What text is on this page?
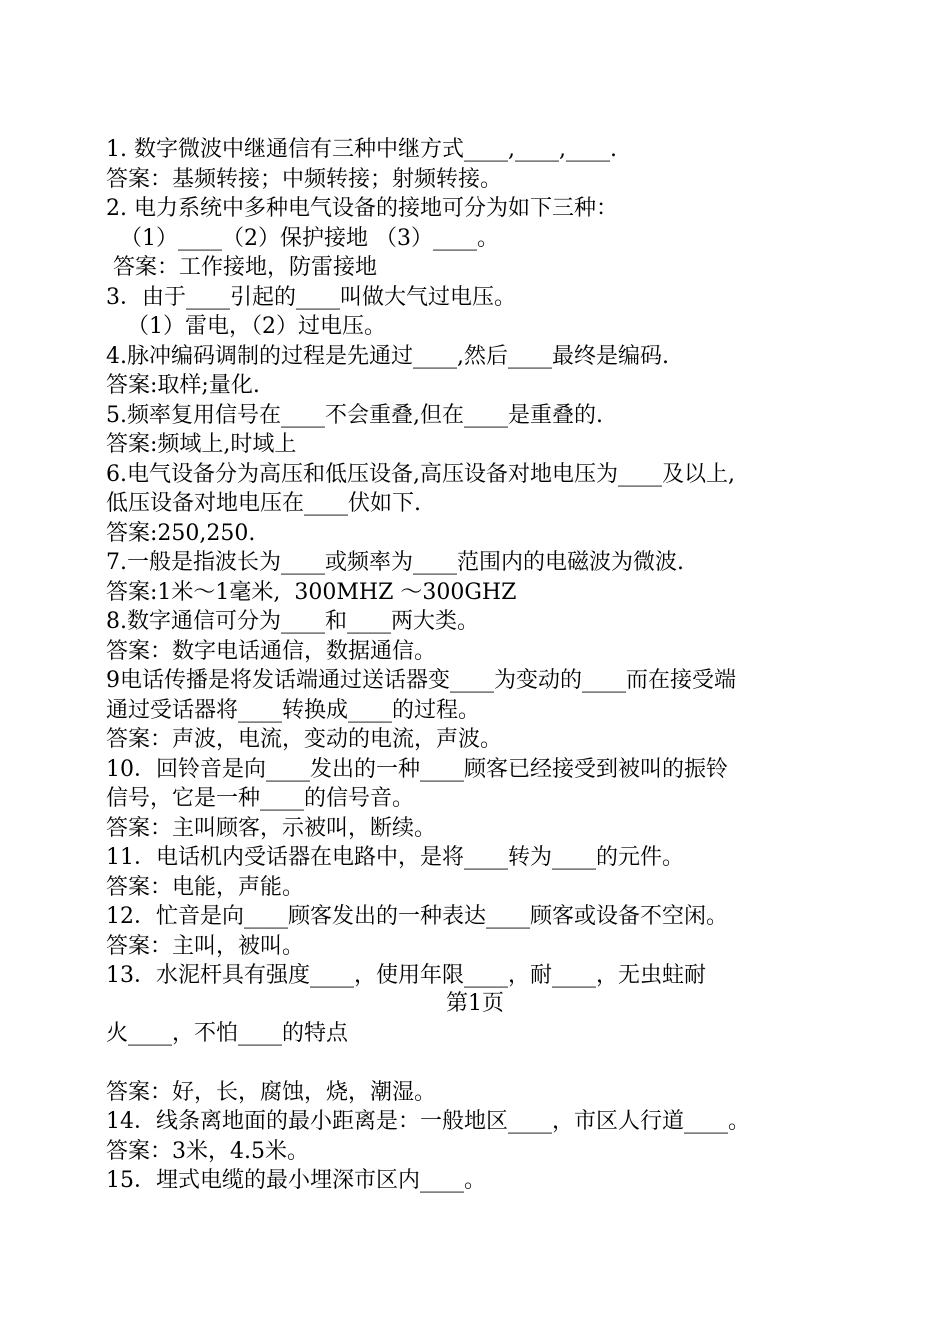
1. 数字微波中继通信有三种中继方式____,____,____.

答案：基频转接；中频转接；射频转接。

2. 电力系统中多种电气设备的接地可分为如下三种：

（1）____（2）保护接地 （3）____。

答案：工作接地，防雷接地

3．由于____引起的____叫做大气过电压。

（1）雷电，（2）过电压。

4.脉冲编码调制的过程是先通过____,然后____最终是编码.

答案:取样;量化.

5.频率复用信号在____不会重叠,但在____是重叠的.

答案:频域上,时域上

6.电气设备分为高压和低压设备,高压设备对地电压为____及以上,

低压设备对地电压在____伏如下.

答案:250,250.

7.一般是指波长为____或频率为____范围内的电磁波为微波.

答案:1米～1毫米,  300MHZ ～300GHZ

8.数字通信可分为____和____两大类。

答案：数字电话通信，数据通信。

9电话传播是将发话端通过送话器变____为变动的____而在接受端

通过受话器将____转换成____的过程。

答案：声波，电流，变动的电流，声波。

10．回铃音是向____发出的一种____顾客已经接受到被叫的振铃

信号，它是一种____的信号音。

答案：主叫顾客，示被叫，断续。

11．电话机内受话器在电路中，是将____转为____的元件。

答案：电能，声能。

12．忙音是向____顾客发出的一种表达____顾客或设备不空闲。

答案：主叫，被叫。

13．水泥杆具有强度____，使用年限____，耐____，无虫蛀耐

第1页

火____，不怕____的特点

答案：好，长，腐蚀，烧，潮湿。

14．线条离地面的最小距离是：一般地区____，市区人行道____。

答案：3米，4.5米。

15．埋式电缆的最小埋深市区内____。
